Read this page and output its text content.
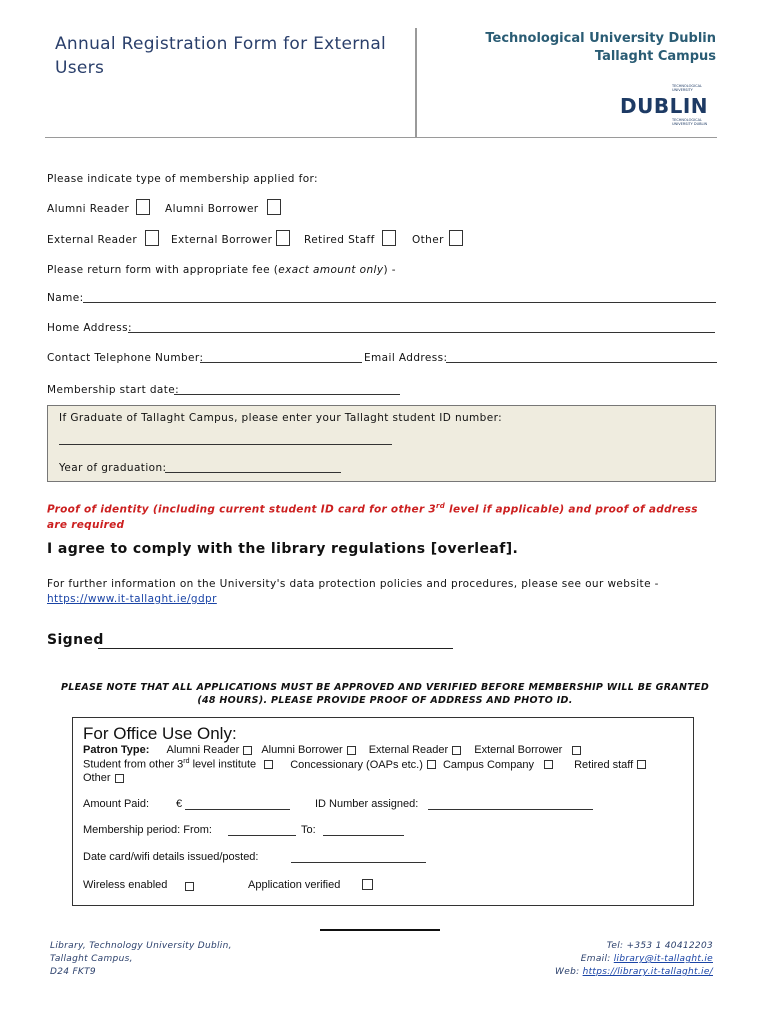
Annual Registration Form for External Users
Technological University Dublin
Tallaght Campus
TECHNOLOGICAL UNIVERSITY
DUBLIN
TECHNOLOGICAL UNIVERSITY DUBLIN
Please indicate type of membership applied for:
Alumni Reader	Alumni Borrower
External Reader	External Borrower	Retired Staff	Other
Please return form with appropriate fee (exact amount only) -
Name:
Home Address:
Contact Telephone Number:	Email Address:
Membership start date:
If Graduate of Tallaght Campus, please enter your Tallaght student ID number:
Year of graduation:
Proof of identity (including current student ID card for other 3rd level if applicable) and proof of address are required
I agree to comply with the library regulations [overleaf].
For further information on the University's data protection policies and procedures, please see our website -
https://www.it-tallaght.ie/gdpr
Signed
PLEASE NOTE THAT ALL APPLICATIONS MUST BE APPROVED AND VERIFIED BEFORE MEMBERSHIP WILL BE GRANTED (48 HOURS). PLEASE PROVIDE PROOF OF ADDRESS AND PHOTO ID.
For Office Use Only:
Patron Type: Alumni Reader Alumni Borrower External Reader External Borrower
Student from other 3rd level institute	Concessionary (OAPs etc.) Campus Company	Retired staff
Other
Amount Paid: €	ID Number assigned:
Membership period: From:	To:
Date card/wifi details issued/posted:
Wireless enabled	Application verified
Library, Technology University Dublin,
Tallaght Campus,
D24 FKT9
Tel: +353 1 40412203
Email: library@it-tallaght.ie
Web: https://library.it-tallaght.ie/
